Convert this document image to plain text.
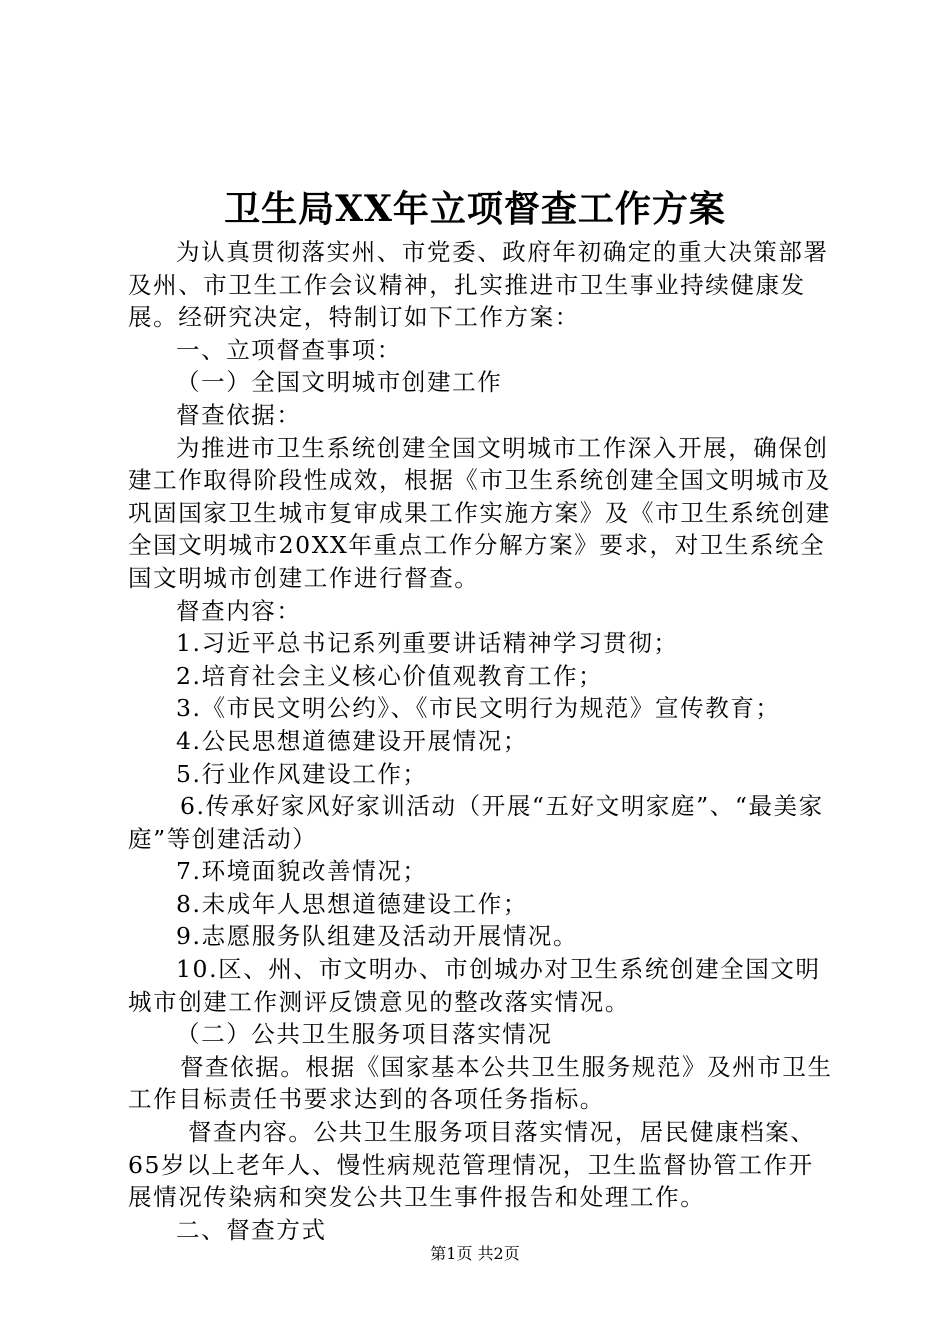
卫生局XX年立项督查工作方案

为认真贯彻落实州、市党委、政府年初确定的重大决策部署及州、市卫生工作会议精神，扎实推进市卫生事业持续健康发展。经研究决定，特制订如下工作方案：

一、立项督查事项：

（一）全国文明城市创建工作

督查依据：

为推进市卫生系统创建全国文明城市工作深入开展，确保创建工作取得阶段性成效，根据《市卫生系统创建全国文明城市及巩固国家卫生城市复审成果工作实施方案》及《市卫生系统创建全国文明城市20XX年重点工作分解方案》要求，对卫生系统全国文明城市创建工作进行督查。

督查内容：

1.习近平总书记系列重要讲话精神学习贯彻；

2.培育社会主义核心价值观教育工作；

3.《市民文明公约》、《市民文明行为规范》宣传教育；

4.公民思想道德建设开展情况；

5.行业作风建设工作；

6.传承好家风好家训活动（开展“五好文明家庭”、“最美家庭”等创建活动）

7.环境面貌改善情况；

8.未成年人思想道德建设工作；

9.志愿服务队组建及活动开展情况。

10.区、州、市文明办、市创城办对卫生系统创建全国文明城市创建工作测评反馈意见的整改落实情况。

（二）公共卫生服务项目落实情况

督查依据。根据《国家基本公共卫生服务规范》及州市卫生工作目标责任书要求达到的各项任务指标。

督查内容。公共卫生服务项目落实情况，居民健康档案、65岁以上老年人、慢性病规范管理情况，卫生监督协管工作开展情况传染病和突发公共卫生事件报告和处理工作。

二、督查方式

第1页 共2页
